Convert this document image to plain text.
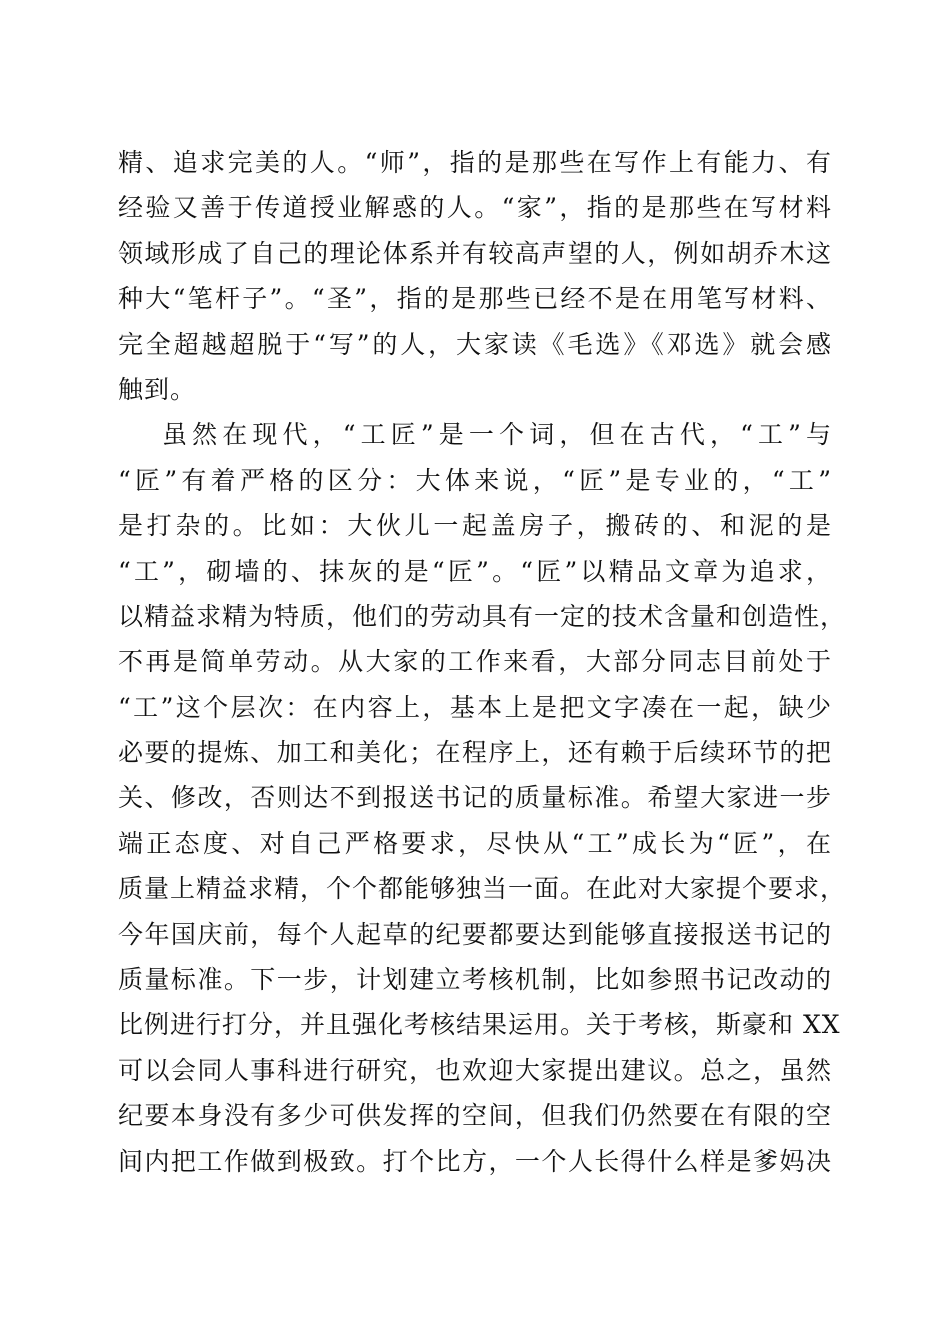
精、追求完美的人。“师”，指的是那些在写作上有能力、有
经验又善于传道授业解惑的人。“家”，指的是那些在写材料
领域形成了自己的理论体系并有较高声望的人，例如胡乔木这
种大“笔杆子”。“圣”，指的是那些已经不是在用笔写材料、
完全超越超脱于“写”的人，大家读《毛选》《邓选》就会感
触到。
虽然在现代，“工匠”是一个词，但在古代，“工”与
“匠”有着严格的区分：大体来说，“匠”是专业的，“工”
是打杂的。比如：大伙儿一起盖房子，搬砖的、和泥的是
“工”，砌墙的、抹灰的是“匠”。“匠”以精品文章为追求，
以精益求精为特质，他们的劳动具有一定的技术含量和创造性，
不再是简单劳动。从大家的工作来看，大部分同志目前处于
“工”这个层次：在内容上，基本上是把文字凑在一起，缺少
必要的提炼、加工和美化；在程序上，还有赖于后续环节的把
关、修改，否则达不到报送书记的质量标准。希望大家进一步
端正态度、对自己严格要求，尽快从“工”成长为“匠”，在
质量上精益求精，个个都能够独当一面。在此对大家提个要求，
今年国庆前，每个人起草的纪要都要达到能够直接报送书记的
质量标准。下一步，计划建立考核机制，比如参照书记改动的
比例进行打分，并且强化考核结果运用。关于考核，斯豪和 XX
可以会同人事科进行研究，也欢迎大家提出建议。总之，虽然
纪要本身没有多少可供发挥的空间，但我们仍然要在有限的空
间内把工作做到极致。打个比方，一个人长得什么样是爹妈决
